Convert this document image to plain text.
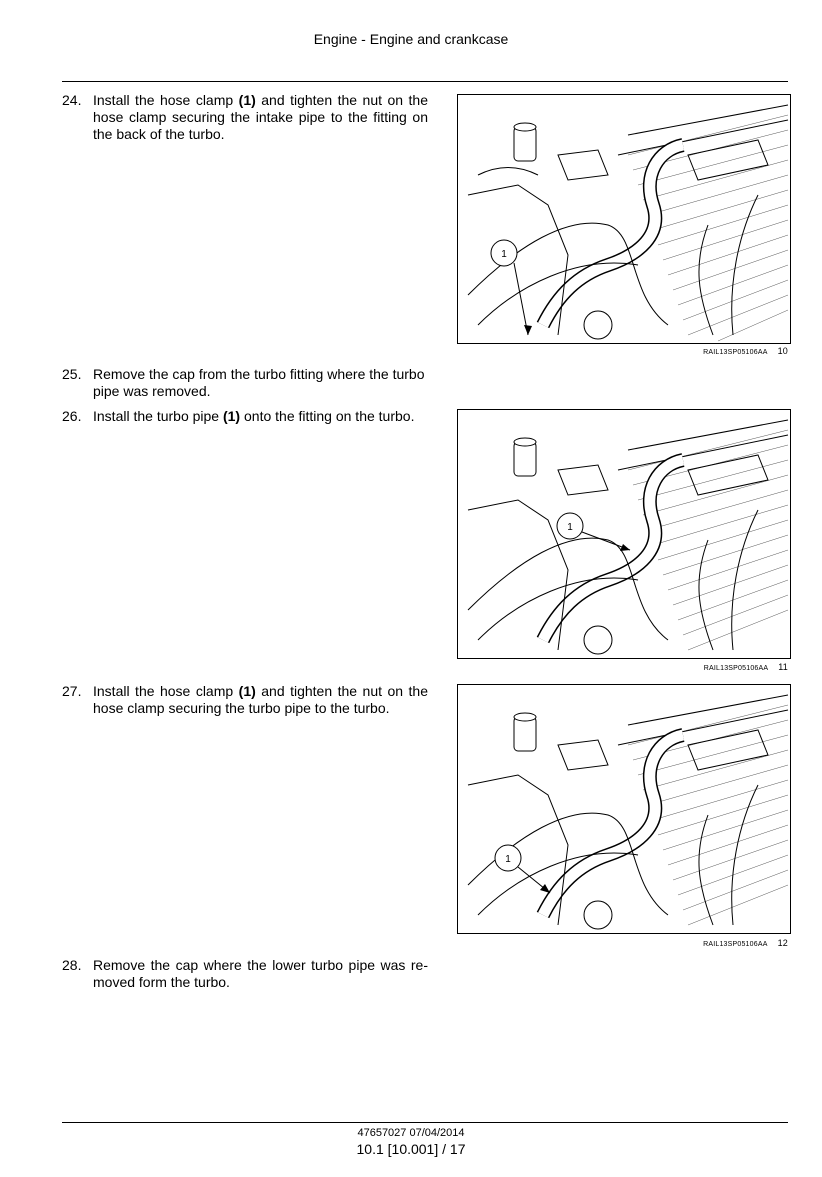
Engine - Engine and crankcase
24. Install the hose clamp (1) and tighten the nut on the hose clamp securing the intake pipe to the fitting on the back of the turbo.
1
RAIL13SP05106AA 10
25. Remove the cap from the turbo fitting where the turbo pipe was removed.
26. Install the turbo pipe (1) onto the fitting on the turbo.
1
RAIL13SP05106AA 11
27. Install the hose clamp (1) and tighten the nut on the hose clamp securing the turbo pipe to the turbo.
1
RAIL13SP05106AA 12
28. Remove the cap where the lower turbo pipe was re-moved form the turbo.
47657027 07/04/2014
10.1 [10.001] / 17
